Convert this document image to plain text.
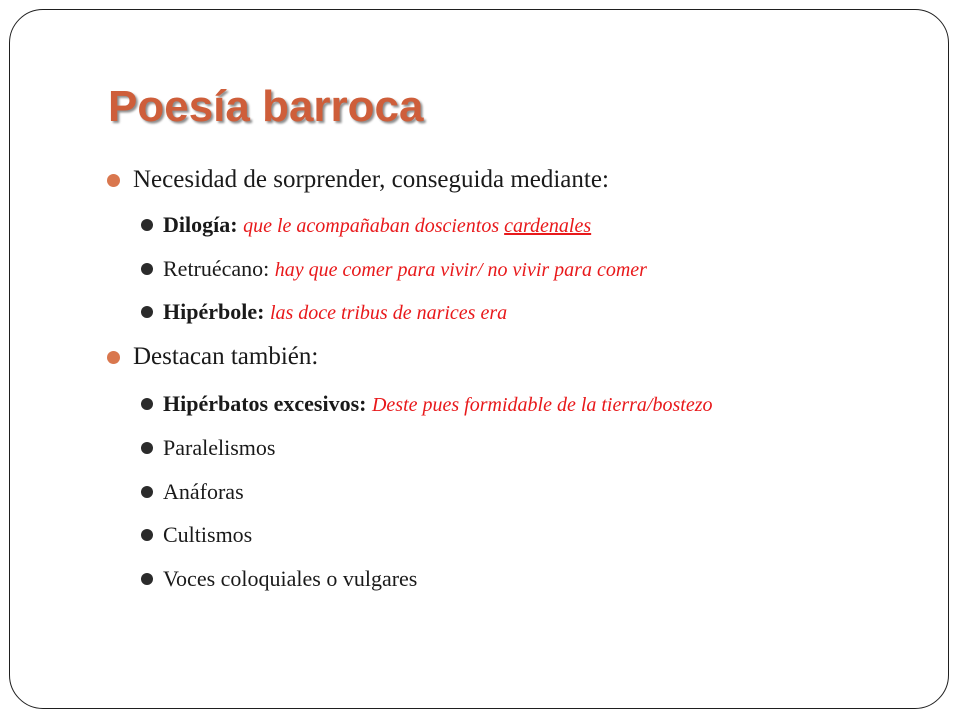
Poesía barroca
Necesidad de sorprender, conseguida mediante:
Dilogía: que le acompañaban doscientos cardenales
Retruécano: hay que comer para vivir/ no vivir para comer
Hipérbole: las doce tribus de narices era
Destacan también:
Hipérbatos excesivos: Deste pues formidable de la tierra/bostezo
Paralelismos
Anáforas
Cultismos
Voces coloquiales o vulgares
